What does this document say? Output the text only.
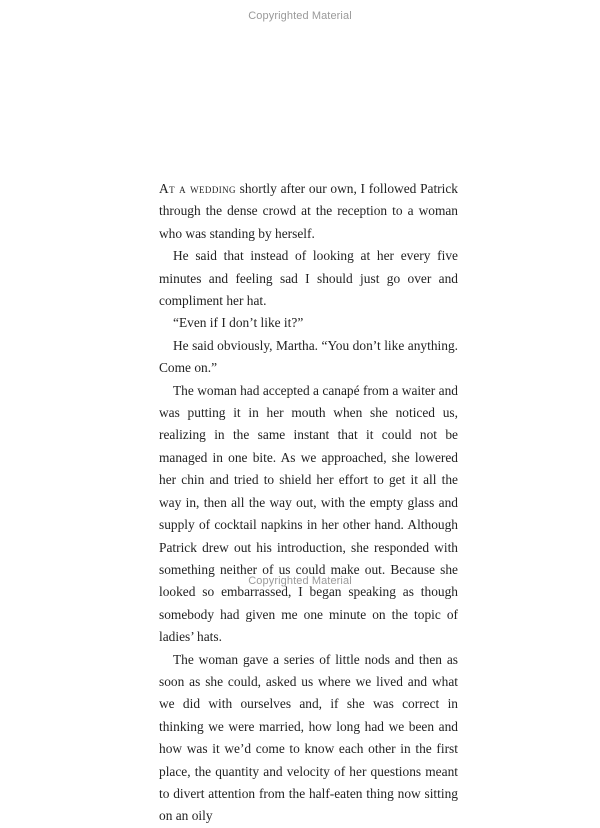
Copyrighted Material

At a wedding shortly after our own, I followed Patrick through the dense crowd at the reception to a woman who was standing by herself.

He said that instead of looking at her every five minutes and feeling sad I should just go over and compliment her hat.

“Even if I don’t like it?”

He said obviously, Martha. “You don’t like anything. Come on.”

The woman had accepted a canapé from a waiter and was putting it in her mouth when she noticed us, realizing in the same instant that it could not be managed in one bite. As we approached, she lowered her chin and tried to shield her effort to get it all the way in, then all the way out, with the empty glass and supply of cocktail napkins in her other hand. Although Patrick drew out his introduction, she responded with something neither of us could make out. Because she looked so embarrassed, I began speaking as though somebody had given me one minute on the topic of ladies’ hats.

The woman gave a series of little nods and then as soon as she could, asked us where we lived and what we did with ourselves and, if she was correct in thinking we were married, how long had we been and how was it we’d come to know each other in the first place, the quantity and velocity of her questions meant to divert attention from the half-eaten thing now sitting on an oily

Copyrighted Material
